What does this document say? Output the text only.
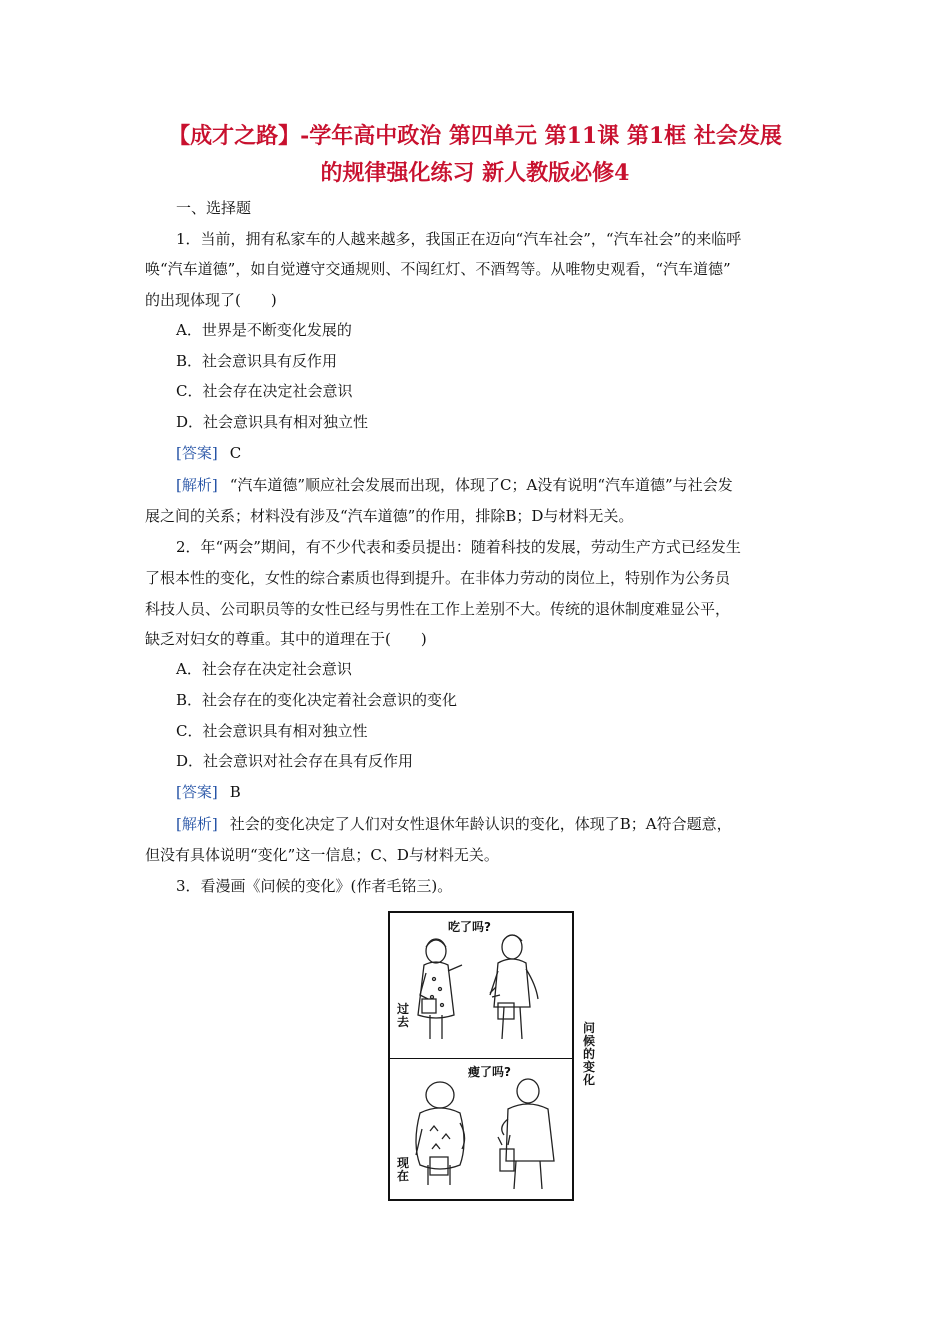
【成才之路】-学年高中政治 第四单元 第11课 第1框 社会发展
的规律强化练习 新人教版必修4
一、选择题
1．当前，拥有私家车的人越来越多，我国正在迈向“汽车社会”，“汽车社会”的来临呼
唤“汽车道德”，如自觉遵守交通规则、不闯红灯、不酒驾等。从唯物史观看，“汽车道德”
的出现体现了(　　)
A．世界是不断变化发展的
B．社会意识具有反作用
C．社会存在决定社会意识
D．社会意识具有相对独立性
[答案] C
[解析] “汽车道德”顺应社会发展而出现，体现了C；A没有说明“汽车道德”与社会发
展之间的关系；材料没有涉及“汽车道德”的作用，排除B；D与材料无关。
2．年“两会”期间，有不少代表和委员提出：随着科技的发展，劳动生产方式已经发生
了根本性的变化，女性的综合素质也得到提升。在非体力劳动的岗位上，特别作为公务员
科技人员、公司职员等的女性已经与男性在工作上差别不大。传统的退休制度难显公平，
缺乏对妇女的尊重。其中的道理在于(　　)
A．社会存在决定社会意识
B．社会存在的变化决定着社会意识的变化
C．社会意识具有相对独立性
D．社会意识对社会存在具有反作用
[答案] B
[解析] 社会的变化决定了人们对女性退休年龄认识的变化，体现了B；A符合题意，
但没有具体说明“变化”这一信息；C、D与材料无关。
3．看漫画《问候的变化》(作者毛铭三)。
吃了吗?
过去
瘦了吗?
现在
问候的变化
